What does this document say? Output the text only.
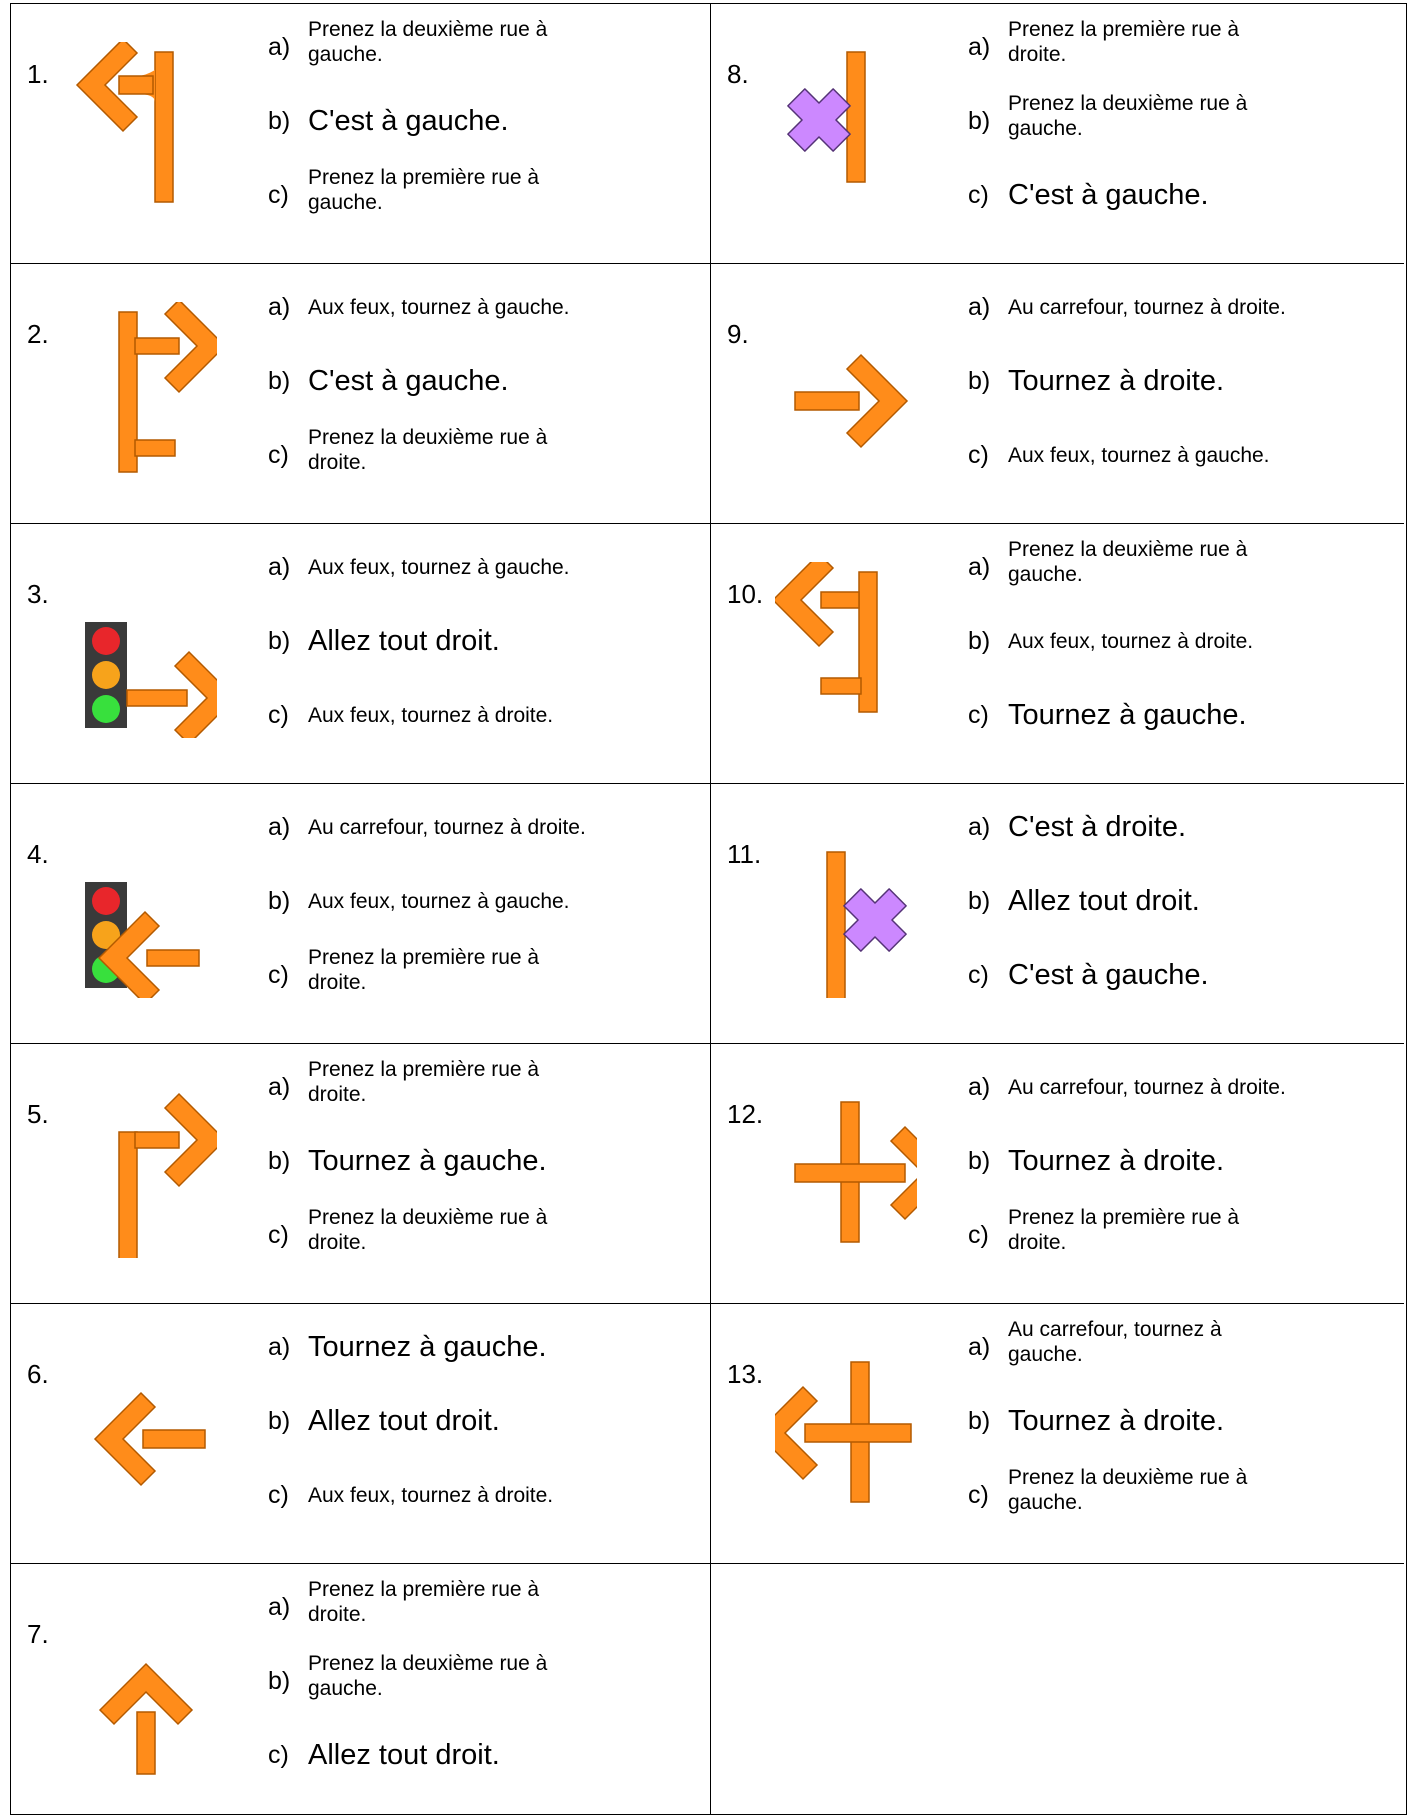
1.
a)
Prenez la deuxième rue à gauche.
b) C'est à gauche.
c)
Prenez la première rue à gauche.
2.
a) Aux feux, tournez à gauche.
b) C'est à gauche.
c)
Prenez la deuxième rue à droite.
3.
a) Aux feux, tournez à gauche.
b) Allez tout droit.
c) Aux feux, tournez à droite.
4.
a) Au carrefour, tournez à droite.
b) Aux feux, tournez à gauche.
c)
Prenez la première rue à droite.
5.
a)
Prenez la première rue à droite.
b) Tournez à gauche.
c)
Prenez la deuxième rue à droite.
6.
a) Tournez à gauche.
b) Allez tout droit.
c) Aux feux, tournez à droite.
7.
a)
Prenez la première rue à droite.
b)
Prenez la deuxième rue à gauche.
c) Allez tout droit.
8.
a)
Prenez la première rue à droite.
b)
Prenez la deuxième rue à gauche.
c) C'est à gauche.
9.
a) Au carrefour, tournez à droite.
b) Tournez à droite.
c) Aux feux, tournez à gauche.
10.
a)
Prenez la deuxième rue à gauche.
b) Aux feux, tournez à droite.
c) Tournez à gauche.
11.
a) C'est à droite.
b) Allez tout droit.
c) C'est à gauche.
12.
a) Au carrefour, tournez à droite.
b) Tournez à droite.
c)
Prenez la première rue à droite.
13.
a)
Au carrefour, tournez à gauche.
b) Tournez à droite.
c)
Prenez la deuxième rue à gauche.
